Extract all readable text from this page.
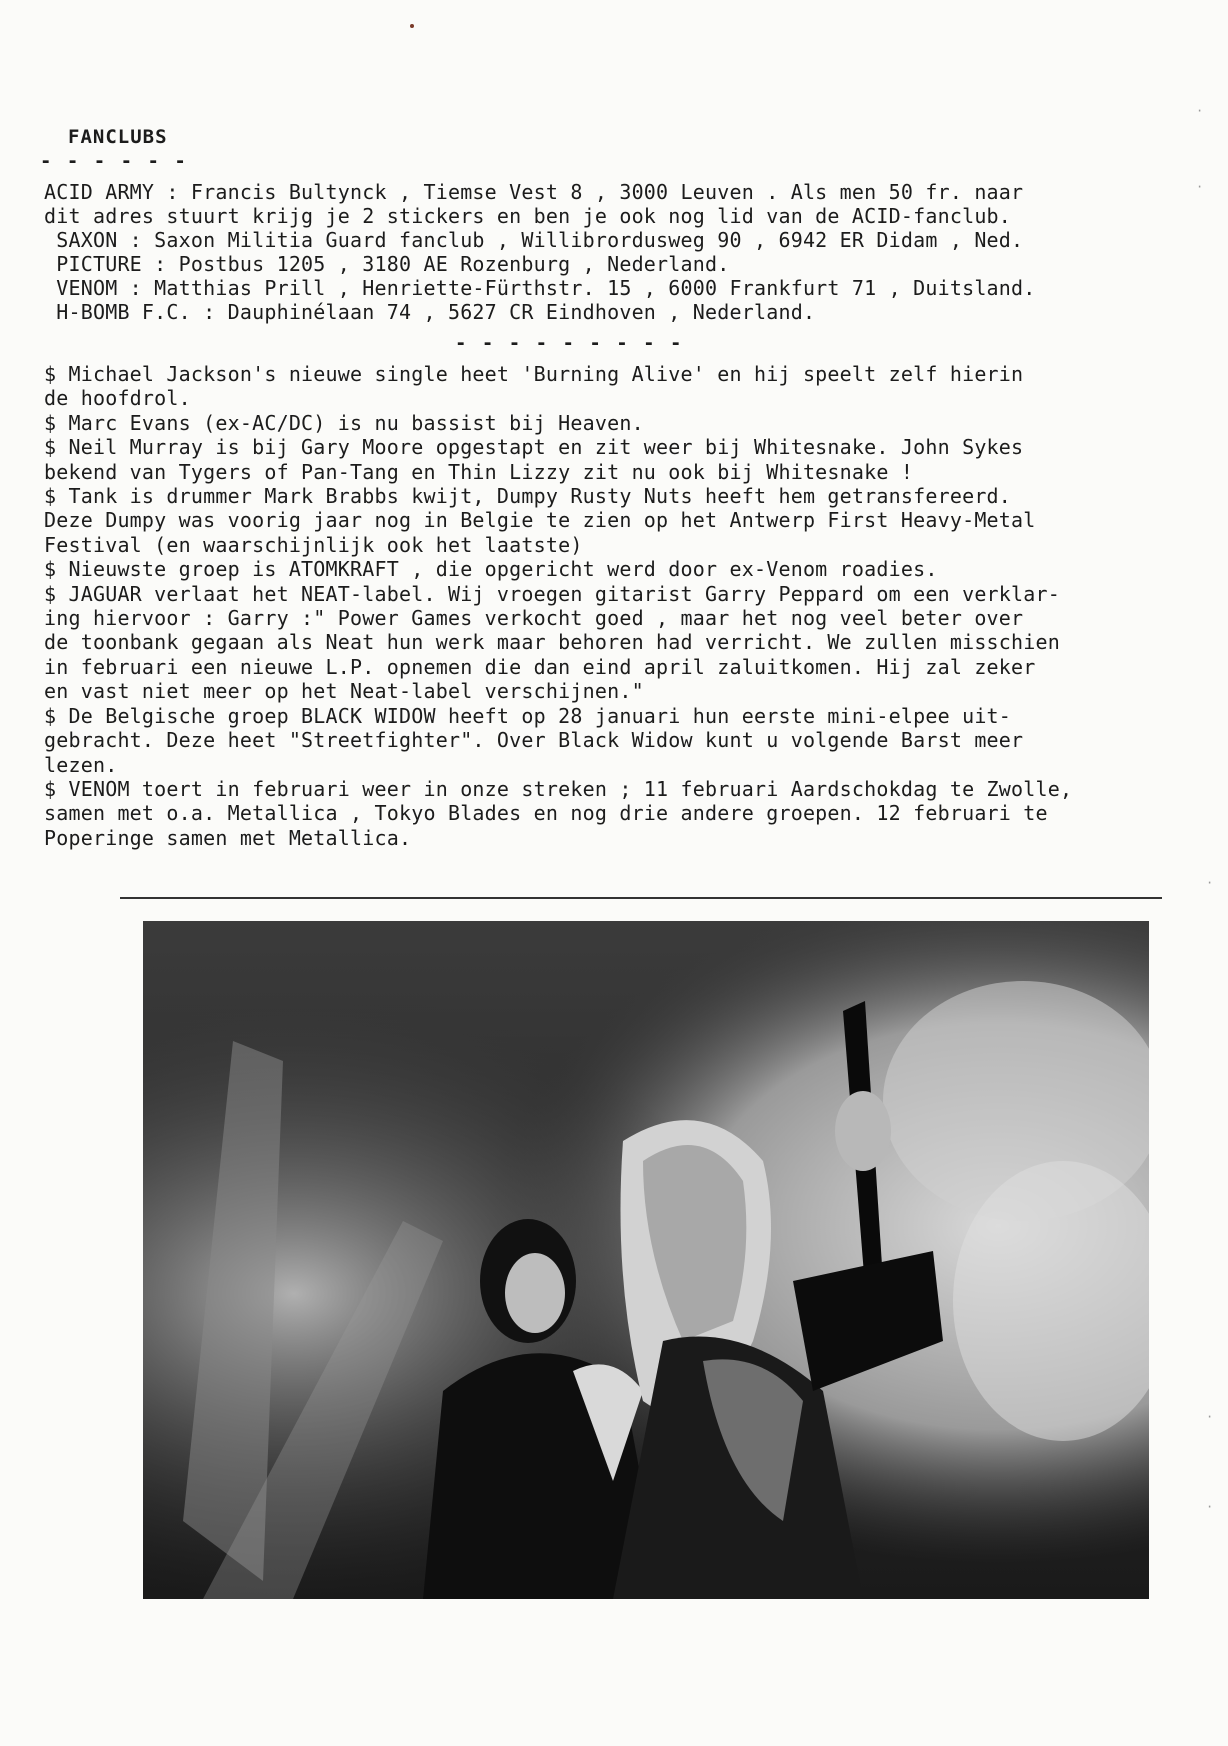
FANCLUBS
- - - - - -
ACID ARMY : Francis Bultynck , Tiemse Vest 8 , 3000 Leuven . Als men 50 fr. naar
dit adres stuurt krijg je 2 stickers en ben je ook nog lid van de ACID-fanclub.
SAXON : Saxon Militia Guard fanclub , Willibrordusweg 90 , 6942 ER Didam , Ned.
PICTURE : Postbus 1205 , 3180 AE Rozenburg , Nederland.
VENOM : Matthias Prill , Henriette-Fürthstr. 15 , 6000 Frankfurt 71 , Duitsland.
H-BOMB F.C. : Dauphinélaan 74 , 5627 CR Eindhoven , Nederland.
- - - - - - - - -
$ Michael Jackson's nieuwe single heet 'Burning Alive' en hij speelt zelf hierin
de hoofdrol.
$ Marc Evans (ex-AC/DC) is nu bassist bij Heaven.
$ Neil Murray is bij Gary Moore opgestapt en zit weer bij Whitesnake. John Sykes
bekend van Tygers of Pan-Tang en Thin Lizzy zit nu ook bij Whitesnake !
$ Tank is drummer Mark Brabbs kwijt, Dumpy Rusty Nuts heeft hem getransfereerd.
Deze Dumpy was voorig jaar nog in Belgie te zien op het Antwerp First Heavy-Metal
Festival (en waarschijnlijk ook het laatste)
$ Nieuwste groep is ATOMKRAFT , die opgericht werd door ex-Venom roadies.
$ JAGUAR verlaat het NEAT-label. Wij vroegen gitarist Garry Peppard om een verklar-
ing hiervoor : Garry :" Power Games verkocht goed , maar het nog veel beter over
de toonbank gegaan als Neat hun werk maar behoren had verricht. We zullen misschien
in februari een nieuwe L.P. opnemen die dan eind april zaluitkomen. Hij zal zeker
en vast niet meer op het Neat-label verschijnen."
$ De Belgische groep BLACK WIDOW heeft op 28 januari hun eerste mini-elpee uit-
gebracht. Deze heet "Streetfighter". Over Black Widow kunt u volgende Barst meer
lezen.
$ VENOM toert in februari weer in onze streken ; 11 februari Aardschokdag te Zwolle,
samen met o.a. Metallica , Tokyo Blades en nog drie andere groepen. 12 februari te
Poperinge samen met Metallica.
·
·
·
·
·
